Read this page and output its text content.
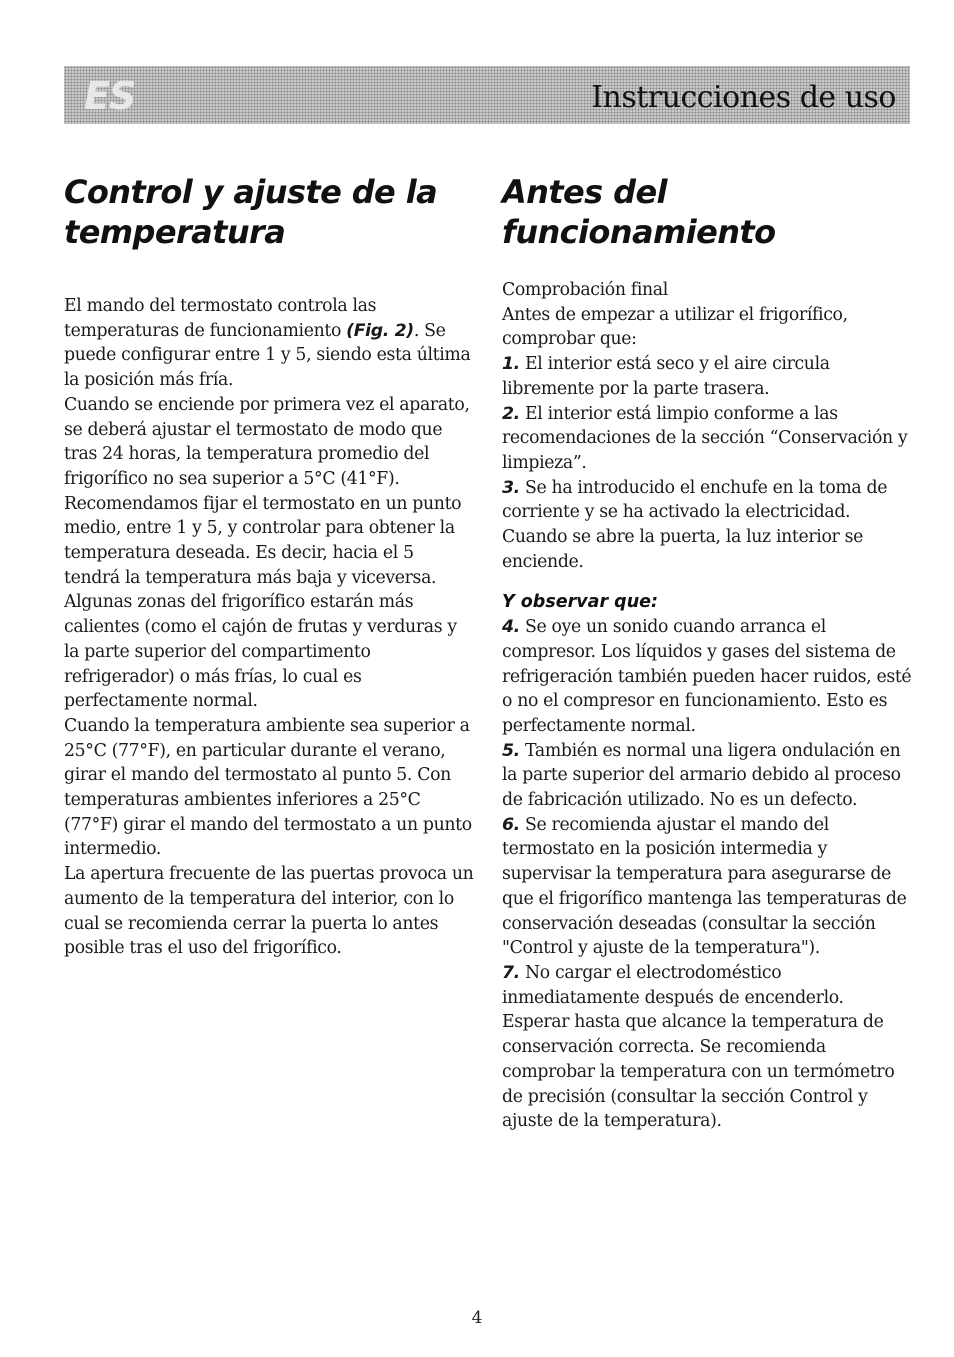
ES	Instrucciones de uso
Control y ajuste de la temperatura

El mando del termostato controla las temperaturas de funcionamiento (Fig. 2). Se puede configurar entre 1 y 5, siendo esta última la posición más fría.

Cuando se enciende por primera vez el aparato, se deberá ajustar el termostato de modo que tras 24 horas, la temperatura promedio del frigorífico no sea superior a 5°C (41°F).

Recomendamos fijar el termostato en un punto medio, entre 1 y 5, y controlar para obtener la temperatura deseada. Es decir, hacia el 5 tendrá la temperatura más baja y viceversa.

Algunas zonas del frigorífico estarán más calientes (como el cajón de frutas y verduras y la parte superior del compartimento refrigerador) o más frías, lo cual es perfectamente normal.

Cuando la temperatura ambiente sea superior a 25°C (77°F), en particular durante el verano, girar el mando del termostato al punto 5. Con temperaturas ambientes inferiores a 25°C (77°F) girar el mando del termostato a un punto intermedio.

La apertura frecuente de las puertas provoca un aumento de la temperatura del interior, con lo cual se recomienda cerrar la puerta lo antes posible tras el uso del frigorífico.

Antes del funcionamiento

Comprobación final

Antes de empezar a utilizar el frigorífico, comprobar que:

1. El interior está seco y el aire circula libremente por la parte trasera.

2. El interior está limpio conforme a las recomendaciones de la sección “Conservación y limpieza”.

3. Se ha introducido el enchufe en la toma de corriente y se ha activado la electricidad. Cuando se abre la puerta, la luz interior se enciende.

Y observar que:

4. Se oye un sonido cuando arranca el compresor. Los líquidos y gases del sistema de refrigeración también pueden hacer ruidos, esté o no el compresor en funcionamiento. Esto es perfectamente normal.

5. También es normal una ligera ondulación en la parte superior del armario debido al proceso de fabricación utilizado. No es un defecto.

6. Se recomienda ajustar el mando del termostato en la posición intermedia y supervisar la temperatura para asegurarse de que el frigorífico mantenga las temperaturas de conservación deseadas (consultar la sección "Control y ajuste de la temperatura").

7. No cargar el electrodoméstico inmediatamente después de encenderlo. Esperar hasta que alcance la temperatura de conservación correcta. Se recomienda comprobar la temperatura con un termómetro de precisión (consultar la sección Control y ajuste de la temperatura).

4
